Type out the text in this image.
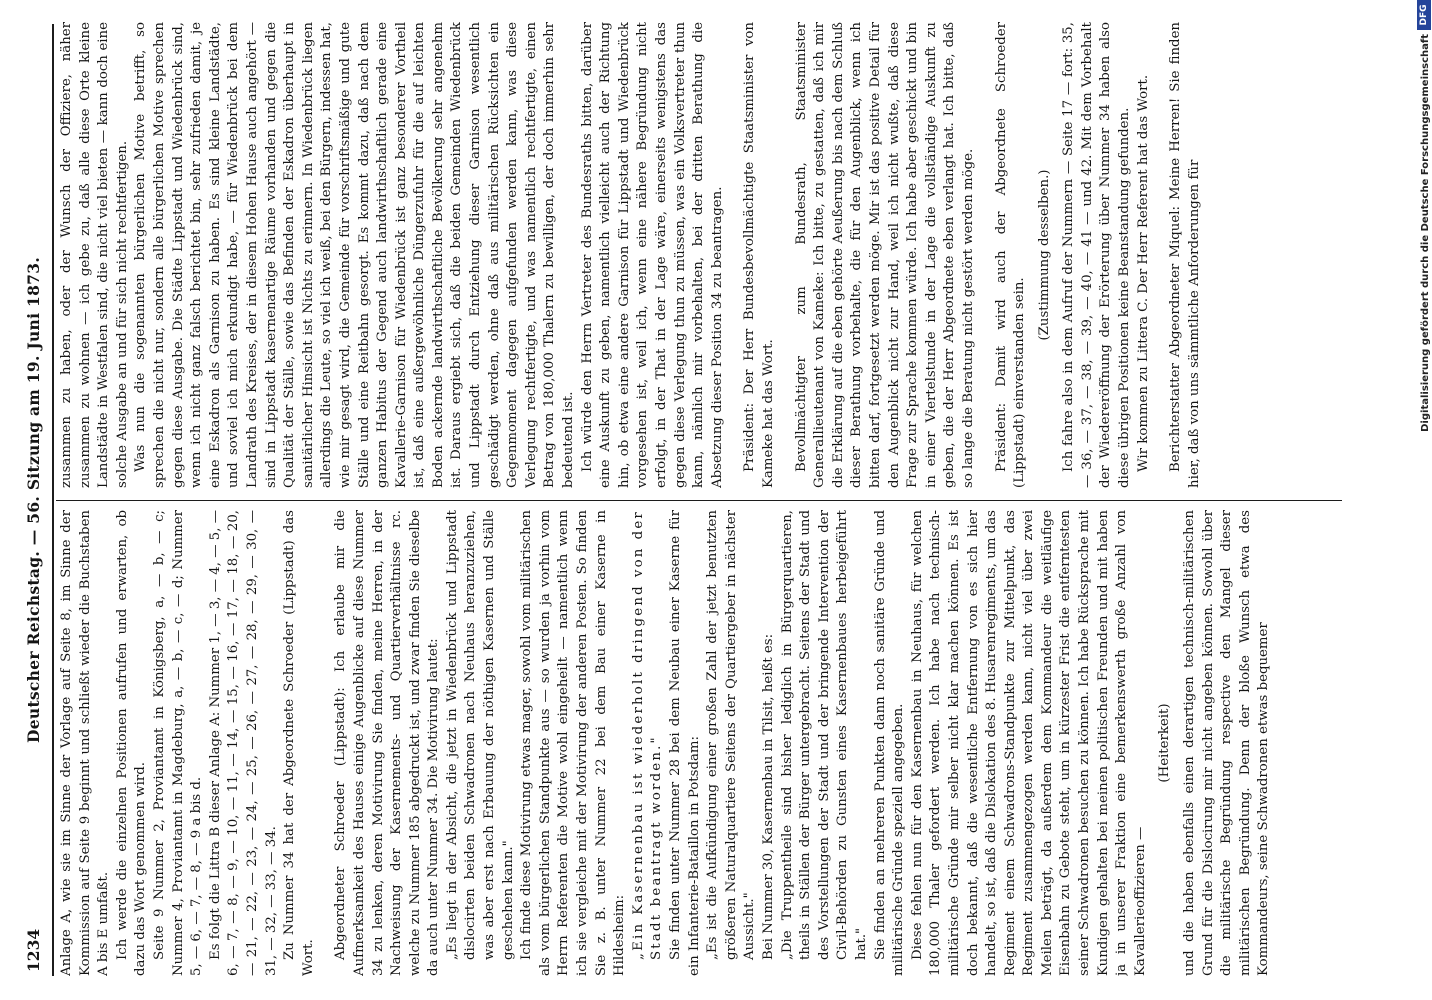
1234
Deutscher Reichstag. — 56. Sitzung am 19. Juni 1873.	Anlage A, wie sie im Sinne der Vorlage auf Seite 8, im Sinne der Kommission auf Seite 9 beginnt und schließt wieder die Buchstaben A bis E umfaßt. Ich werde die einzelnen Positionen aufrufen und erwarten, ob dazu das Wort genommen wird. Seite 9 Nummer 2, Proviantamt in Königsberg, a, — b, — c; Nummer 4, Proviantamt in Magdeburg, a, — b, — c, — d; Nummer 5, — 6, — 7, — 8, — 9 a bis d. Es folgt die Littra B dieser Anlage A: Nummer 1, — 3, — 4, — 5, — 6, — 7, — 8, — 9, — 10, — 11, — 14, — 15, — 16, — 17, — 18, — 20, — 21, — 22, — 23, — 24, — 25, — 26, — 27, — 28, — 29, — 30, — 31, — 32, — 33, — 34. Zu Nummer 34 hat der Abgeordnete Schroeder (Lippstadt) das Wort. Abgeordneter Schroeder (Lippstadt): Ich erlaube mir die Aufmerksamkeit des Hauses einige Augenblicke auf diese Nummer 34 zu lenken, deren Motivirung Sie finden, meine Herren, in der Nachweisung der Kasernements- und Quartierverhältnisse rc. welche zu Nummer 185 abgedruckt ist, und zwar finden Sie dieselbe da auch unter Nummer 34. Die Motivirung lautet: „Es liegt in der Absicht, die jetzt in Wiedenbrück und Lippstadt dislocirten beiden Schwadronen nach Neuhaus heranzuziehen, was aber erst nach Erbauung der nöthigen Kasernen und Ställe geschehen kann." Ich finde diese Motivirung etwas mager, sowohl vom militärischen als vom bürgerlichen Standpunkte aus — so wurden ja vorhin vom Herrn Referenten die Motive wohl eingeheilt — namentlich wenn ich sie vergleiche mit der Motivirung der anderen Posten. So finden Sie z. B. unter Nummer 22 bei dem Bau einer Kaserne in Hildesheim: „Ein Kasernenbau ist wiederholt dringend von der Stadt beantragt worden." Sie finden unter Nummer 28 bei dem Neubau einer Kaserne für ein Infanterie-Bataillon in Potsdam: „Es ist die Aufkündigung einer großen Zahl der jetzt benutzten größeren Naturalquartiere Seitens der Quartiergeber in nächster Aussicht." Bei Nummer 30, Kasernenbau in Tilsit, heißt es: „Die Truppentheile sind bisher lediglich in Bürgerquartieren, theils in Ställen der Bürger untergebracht. Seitens der Stadt und des Vorstellungen der Stadt und der bringende Intervention der Civil-Behörden zu Gunsten eines Kasernenbaues herbeigeführt hat." Sie finden an mehreren Punkten dann noch sanitäre Gründe und militärische Gründe speziell angegeben. Diese fehlen nun für den Kasernenbau in Neuhaus, für welchen 180,000 Thaler gefordert werden. Ich habe nach technisch-militärische Gründe mir selber nicht klar machen können. Es ist doch bekannt, daß die wesentliche Entfernung von es sich hier handelt, so ist, daß die Dislokation des 8. Husarenregiments, um das Regiment einem Schwadrons-Standpunkte zur Mittelpunkt, das Regiment zusammengezogen werden kann, nicht viel über zwei Meilen beträgt, da außerdem dem Kommandeur die weitläufige Eisenbahn zu Gebote steht, um in kürzester Frist die entferntesten seiner Schwadronen besuchen zu können. Ich habe Rücksprache mit Kundigen gehalten bei meinen politischen Freunden und mit haben ja in unserer Fraktion eine bemerkenswerth große Anzahl von Kavallerieoffizieren —

(Heiterkeit) und die haben ebenfalls einen derartigen technisch-militärischen Grund für die Dislocirung mir nicht angeben können. Sowohl über die militärische Begründung respective den Mangel dieser militärischen Begründung. Denn der bloße Wunsch etwa des Kommandeurs, seine Schwadronen etwas bequemer

zusammen zu haben, oder der Wunsch der Offiziere, näher zusammen zu wohnen — ich gebe zu, daß alle diese Orte kleine Landstädte in Westfalen sind, die nicht viel bieten — kann doch eine solche Ausgabe an und für sich nicht rechtfertigen. Was nun die sogenannten bürgerlichen Motive betrifft, so sprechen die nicht nur, sondern alle bürgerlichen Motive sprechen gegen diese Ausgabe. Die Städte Lippstadt und Wiedenbrück sind, wenn ich nicht ganz falsch berichtet bin, sehr zufrieden damit, je eine Eskadron als Garnison zu haben. Es sind kleine Landstädte, und soviel ich mich erkundigt habe, — für Wiedenbrück bei dem Landrath des Kreises, der in diesem Hohen Hause auch angehört — sind in Lippstadt kasernenartige Räume vorhanden und gegen die Qualität der Ställe, sowie das Befinden der Eskadron überhaupt in sanitärlicher Hinsicht ist Nichts zu erinnern. In Wiedenbrück liegen allerdings die Leute, so viel ich weiß, bei den Bürgern, indessen hat, wie mir gesagt wird, die Gemeinde für vorschriftsmäßige und gute Ställe und eine Reitbahn gesorgt. Es kommt dazu, daß nach dem ganzen Habitus der Gegend auch landwirthschaftlich gerade eine Kavallerie-Garnison für Wiedenbrück ist ganz besonderer Vortheil ist, daß eine außergewöhnliche Düngerzufuhr für die auf leichten Boden ackernde landwirthschaftliche Bevölkerung sehr angenehm ist. Daraus ergiebt sich, daß die beiden Gemeinden Wiedenbrück und Lippstadt durch Entziehung dieser Garnison wesentlich geschädigt werden, ohne daß aus militärischen Rücksichten ein Gegenmoment dagegen aufgefunden werden kann, was diese Verlegung rechtfertigte, und was namentlich rechtfertigte, einen Betrag von 180,000 Thalern zu bewilligen, der doch immerhin sehr bedeutend ist. Ich würde den Herrn Vertreter des Bundesraths bitten, darüber eine Auskunft zu geben, namentlich vielleicht auch der Richtung hin, ob etwa eine andere Garnison für Lippstadt und Wiedenbrück vorgesehen ist, weil ich, wenn eine nähere Begründung nicht erfolgt, in der That in der Lage wäre, einerseits wenigstens das gegen diese Verlegung thun zu müssen, was ein Volksvertreter thun kann, nämlich mir vorbehalten, bei der dritten Berathung die Absetzung dieser Position 34 zu beantragen. Präsident: Der Herr Bundesbevollmächtigte Staatsminister von Kameke hat das Wort. Bevollmächtigter zum Bundesrath, Staatsminister Generallieutenant von Kameke: Ich bitte, zu gestatten, daß ich mir die Erklärung auf die eben gehörte Aeußerung bis nach dem Schluß dieser Berathung vorbehalte, die für den Augenblick, wenn ich bitten darf, fortgesetzt werden möge. Mir ist das positive Detail für den Augenblick nicht zur Hand, weil ich nicht wußte, daß diese Frage zur Sprache kommen würde. Ich habe aber geschickt und bin in einer Viertelstunde in der Lage die vollständige Auskunft zu geben, die der Herr Abgeordnete eben verlangt hat. Ich bitte, daß so lange die Beratung nicht gestört werden möge. Präsident: Damit wird auch der Abgeordnete Schroeder (Lippstadt) einverstanden sein.

(Zustimmung desselben.) Ich fahre also in dem Aufruf der Nummern — Seite 17 — fort: 35, — 36, — 37, — 38, — 39, — 40, — 41 — und 42. Mit dem Vorbehalt der Wiedereröffnung der Erörterung über Nummer 34 haben also diese übrigen Positionen keine Beanstandung gefunden. Wir kommen zu Littera C. Der Herr Referent hat das Wort. Berichterstatter Abgeordneter Miquel: Meine Herren! Sie finden hier, daß von uns sämmtliche Anforderungen für	Digitalisierung gefördert durch die Deutsche Forschungsgemeinschaft
DFG
